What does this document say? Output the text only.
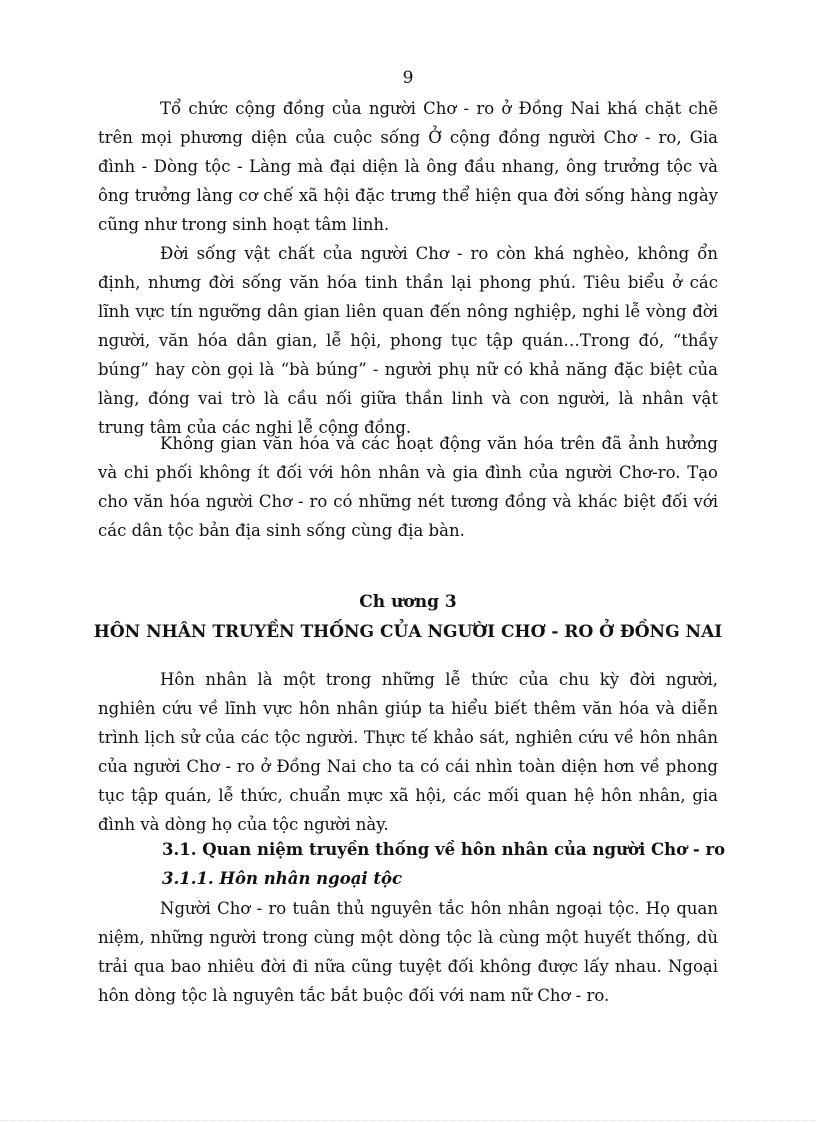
9

Tổ chức cộng đồng của người Chơ - ro ở Đồng Nai khá chặt chẽ trên mọi phương diện của cuộc sống Ở cộng đồng người Chơ - ro, Gia đình - Dòng tộc - Làng mà đại diện là ông đầu nhang, ông trưởng tộc và ông trưởng làng cơ chế xã hội đặc trưng thể hiện qua đời sống hàng ngày cũng như trong sinh hoạt tâm linh.

Đời sống vật chất của người Chơ - ro còn khá nghèo, không ổn định, nhưng đời sống văn hóa tinh thần lại phong phú. Tiêu biểu ở các lĩnh vực tín ngưỡng dân gian liên quan đến nông nghiệp, nghi lễ vòng đời người, văn hóa dân gian, lễ hội, phong tục tập quán…Trong đó, “thầy búng” hay còn gọi là “bà búng” - người phụ nữ có khả năng đặc biệt của làng, đóng vai trò là cầu nối giữa thần linh và con người, là nhân vật trung tâm của các nghi lễ cộng đồng.

Không gian văn hóa và các hoạt động văn hóa trên đã ảnh hưởng và chi phối không ít đối với hôn nhân và gia đình của người Chơ-ro. Tạo cho văn hóa người Chơ - ro có những nét tương đồng và khác biệt đối với các dân tộc bản địa sinh sống cùng địa bàn.

Ch ương 3
HÔN NHÂN TRUYỀN THỐNG CỦA NGƯỜI CHƠ - RO Ở ĐỒNG NAI

Hôn nhân là một trong những lễ thức của chu kỳ đời người, nghiên cứu về lĩnh vực hôn nhân giúp ta hiểu biết thêm văn hóa và diễn trình lịch sử của các tộc người. Thực tế khảo sát, nghiên cứu về hôn nhân của người Chơ - ro ở Đồng Nai cho ta có cái nhìn toàn diện hơn về phong tục tập quán, lễ thức, chuẩn mực xã hội, các mối quan hệ hôn nhân, gia đình và dòng họ của tộc người này.

3.1. Quan niệm truyền thống về hôn nhân của người Chơ - ro
3.1.1. Hôn nhân ngoại tộc

Người Chơ - ro tuân thủ nguyên tắc hôn nhân ngoại tộc. Họ quan niệm, những người trong cùng một dòng tộc là cùng một huyết thống, dù trải qua bao nhiêu đời đi nữa cũng tuyệt đối không được lấy nhau. Ngoại hôn dòng tộc là nguyên tắc bắt buộc đối với nam nữ Chơ - ro.
